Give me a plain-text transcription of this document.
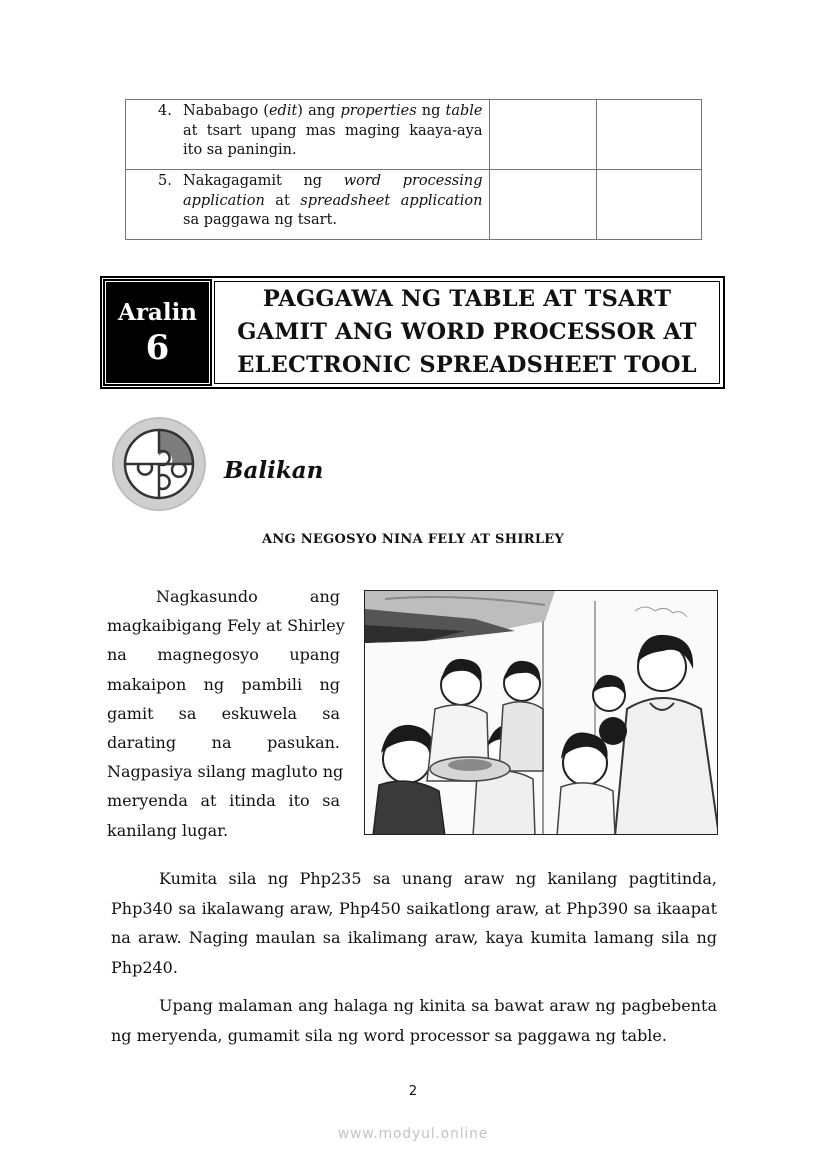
4. Nababago (edit) ang properties ng table at tsart upang mas maging kaaya-aya ito sa paningin.		

5. Nakagagamit ng word processing application at spreadsheet application sa paggawa ng tsart.		

Aralin
6
PAGGAWA NG TABLE AT TSART
GAMIT ANG WORD PROCESSOR AT
ELECTRONIC SPREADSHEET TOOL
Balikan
ANG NEGOSYO NINA FELY AT SHIRLEY
Nagkasundo ang
magkaibigang Fely at Shirley
na magnegosyo upang
makaipon ng pambili ng
gamit sa eskuwela sa
darating na pasukan.
Nagpasiya silang magluto ng
meryenda at itinda ito sa
kanilang lugar.
Kumita sila ng Php235 sa unang araw ng kanilang pagtitinda, Php340 sa ikalawang araw, Php450 saikatlong araw, at Php390 sa ikaapat na araw. Naging maulan sa ikalimang araw, kaya kumita lamang sila ng Php240.
Upang malaman ang halaga ng kinita sa bawat araw ng pagbebenta ng meryenda, gumamit sila ng word processor sa paggawa ng table.
2
www.modyul.online
